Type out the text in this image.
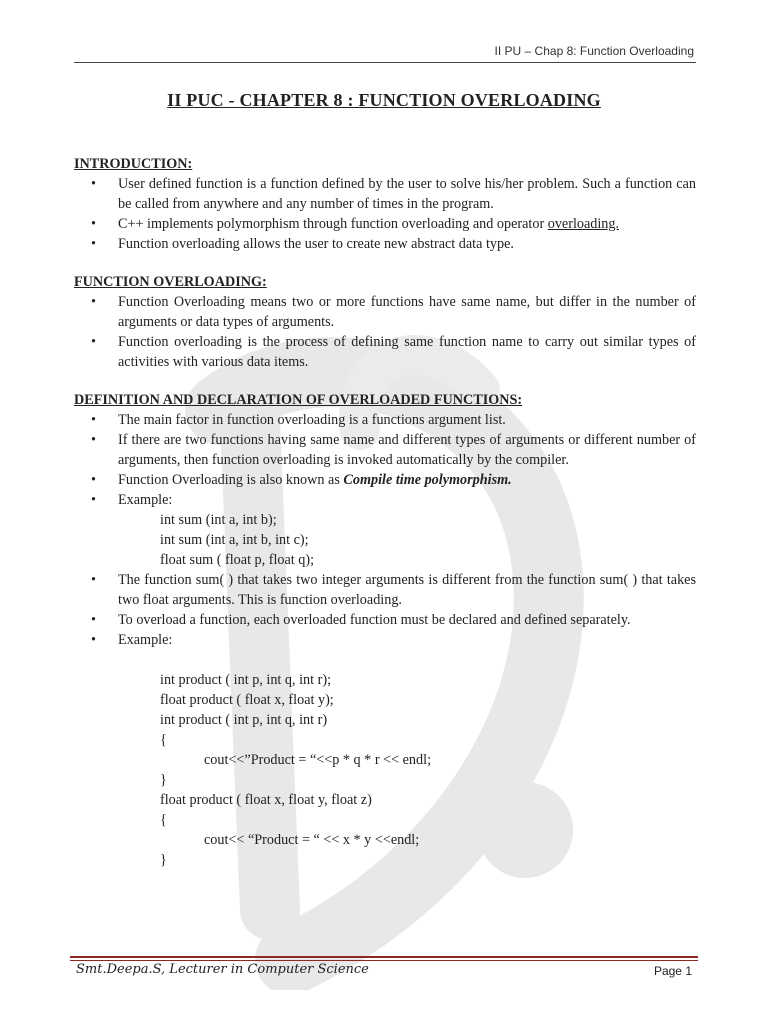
II PU – Chap 8: Function Overloading
II PUC - CHAPTER 8 : FUNCTION OVERLOADING

INTRODUCTION:

• User defined function is a function defined by the user to solve his/her problem. Such a function can be called from anywhere and any number of times in the program.
• C++ implements polymorphism through function overloading and operator overloading.
• Function overloading allows the user to create new abstract data type.

FUNCTION OVERLOADING:

• Function Overloading means two or more functions have same name, but differ in the number of arguments or data types of arguments.
• Function overloading is the process of defining same function name to carry out similar types of activities with various data items.

DEFINITION AND DECLARATION OF OVERLOADED FUNCTIONS:

• The main factor in function overloading is a functions argument list.
• If there are two functions having same name and different types of arguments or different number of arguments, then function overloading is invoked automatically by the compiler.
• Function Overloading is also known as Compile time polymorphism.
• Example:
int sum (int a, int b);
int sum (int a, int b, int c);
float sum ( float p, float q);
• The function sum( ) that takes two integer arguments is different from the function sum( ) that takes two float arguments. This is function overloading.
• To overload a function, each overloaded function must be declared and defined separately.
• Example:
int product ( int p, int q, int r);
float product ( float x, float y);
int product ( int p, int q, int r)
{
cout<<”Product = “<<p * q * r << endl;
}
float product ( float x, float y, float z)
{
cout<< “Product = “ << x * y <<endl;
}
Smt.Deepa.S, Lecturer in Computer Science	Page 1
